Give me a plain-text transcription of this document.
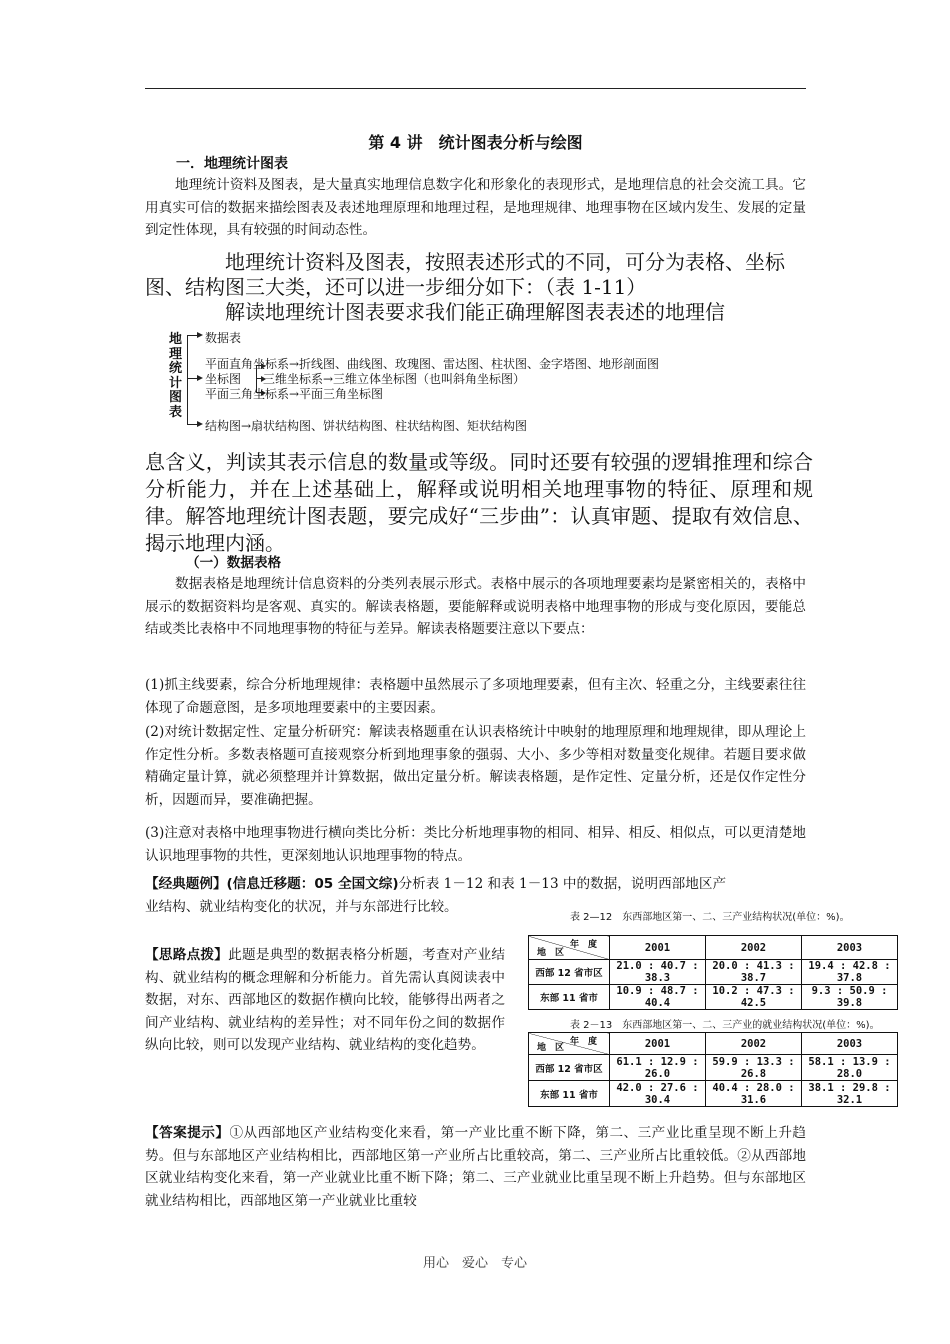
第 4 讲　统计图表分析与绘图
一．地理统计图表

地理统计资料及图表，是大量真实地理信息数字化和形象化的表现形式，是地理信息的社会交流工具。它用真实可信的数据来描绘图表及表述地理原理和地理过程，是地理规律、地理事物在区域内发生、发展的定量到定性体现，具有较强的时间动态性。

　　　　地理统计资料及图表，按照表述形式的不同，可分为表格、坐标图、结构图三大类，还可以进一步细分如下：（表 1-11）

　　　　解读地理统计图表要求我们能正确理解图表表述的地理信

地理统计图表
数据表
平面直角坐标系→折线图、曲线图、玫瑰图、雷达图、柱状图、金字塔图、地形剖面图
坐标图 三维坐标系→三维立体坐标图（也叫斜角坐标图）
平面三角坐标系→平面三角坐标图
结构图→扇状结构图、饼状结构图、柱状结构图、矩状结构图

息含义，判读其表示信息的数量或等级。同时还要有较强的逻辑推理和综合分析能力，并在上述基础上，解释或说明相关地理事物的特征、原理和规律。解答地理统计图表题，要完成好“三步曲”：认真审题、提取有效信息、揭示地理内涵。

（一）数据表格

数据表格是地理统计信息资料的分类列表展示形式。表格中展示的各项地理要素均是紧密相关的，表格中展示的数据资料均是客观、真实的。解读表格题，要能解释或说明表格中地理事物的形成与变化原因，要能总结或类比表格中不同地理事物的特征与差异。解读表格题要注意以下要点：

(1)抓主线要素，综合分析地理规律：表格题中虽然展示了多项地理要素，但有主次、轻重之分，主线要素往往体现了命题意图，是多项地理要素中的主要因素。

(2)对统计数据定性、定量分析研究：解读表格题重在认识表格统计中映射的地理原理和地理规律，即从理论上作定性分析。多数表格题可直接观察分析到地理事象的强弱、大小、多少等相对数量变化规律。若题目要求做精确定量计算，就必须整理并计算数据，做出定量分析。解读表格题，是作定性、定量分析，还是仅作定性分析，因题而异，要准确把握。

(3)注意对表格中地理事物进行横向类比分析：类比分析地理事物的相同、相异、相反、相似点，可以更清楚地认识地理事物的共性，更深刻地认识地理事物的特点。

【经典题例】(信息迁移题：05 全国文综)分析表 1－12 和表 1－13 中的数据，说明西部地区产

业结构、就业结构变化的状况，并与东部进行比较。

【思路点拨】此题是典型的数据表格分析题，考查对产业结构、就业结构的概念理解和分析能力。首先需认真阅读表中数据，对东、西部地区的数据作横向比较，能够得出两者之间产业结构、就业结构的差异性；对不同年份之间的数据作纵向比较，则可以发现产业结构、就业结构的变化趋势。

表 2—12　东西部地区第一、二、三产业结构状况(单位：%)。
年　度
地　区	2001	2002	2003
西部 12 省市区	21.0 : 40.7 : 38.3	20.0 : 41.3 : 38.7	19.4 : 42.8 : 37.8
东部 11 省市	10.9 : 48.7 : 40.4	10.2 : 47.3 : 42.5	9.3 : 50.9 : 39.8
表 2－13　东西部地区第一、二、三产业的就业结构状况(单位：%)。
年　度
地　区	2001	2002	2003
西部 12 省市区	61.1 : 12.9 : 26.0	59.9 : 13.3 : 26.8	58.1 : 13.9 : 28.0
东部 11 省市	42.0 : 27.6 : 30.4	40.4 : 28.0 : 31.6	38.1 : 29.8 : 32.1

【答案提示】①从西部地区产业结构变化来看，第一产业比重不断下降，第二、三产业比重呈现不断上升趋势。但与东部地区产业结构相比，西部地区第一产业所占比重较高，第二、三产业所占比重较低。②从西部地区就业结构变化来看，第一产业就业比重不断下降；第二、三产业就业比重呈现不断上升趋势。但与东部地区就业结构相比，西部地区第一产业就业比重较

用心　爱心　专心
